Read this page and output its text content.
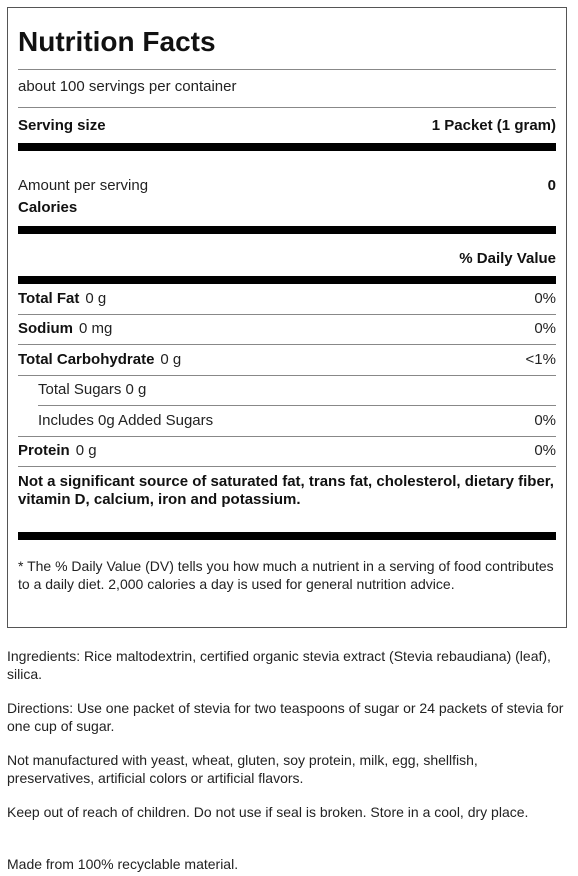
Nutrition Facts
about 100 servings per container
Serving size	1 Packet (1 gram)
Amount per serving	0
Calories
% Daily Value
Total Fat 0 g	0%
Sodium 0 mg	0%
Total Carbohydrate 0 g	<1%
Total Sugars 0 g
Includes 0g Added Sugars	0%
Protein 0 g	0%
Not a significant source of saturated fat, trans fat, cholesterol, dietary fiber, vitamin D, calcium, iron and potassium.
* The % Daily Value (DV) tells you how much a nutrient in a serving of food contributes to a daily diet. 2,000 calories a day is used for general nutrition advice.
Ingredients: Rice maltodextrin, certified organic stevia extract (Stevia rebaudiana) (leaf), silica.
Directions: Use one packet of stevia for two teaspoons of sugar or 24 packets of stevia for one cup of sugar.
Not manufactured with yeast, wheat, gluten, soy protein, milk, egg, shellfish, preservatives, artificial colors or artificial flavors.
Keep out of reach of children. Do not use if seal is broken. Store in a cool, dry place.
Made from 100% recyclable material.
